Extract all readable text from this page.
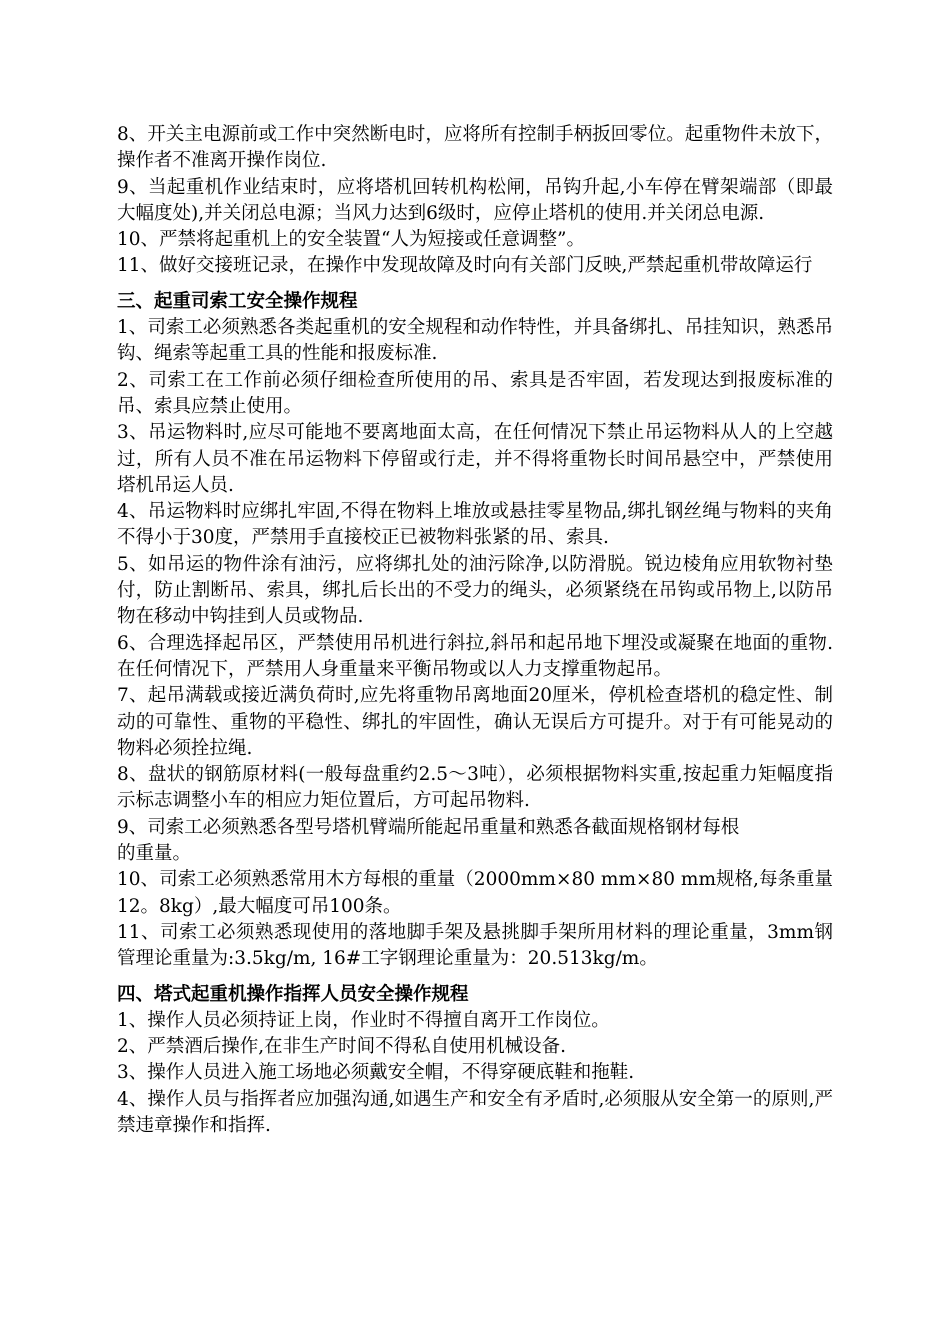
8、开关主电源前或工作中突然断电时，应将所有控制手柄扳回零位。起重物件未放下，操作者不准离开操作岗位.

9、当起重机作业结束时，应将塔机回转机构松闸，吊钩升起,小车停在臂架端部（即最大幅度处),并关闭总电源；当风力达到6级时，应停止塔机的使用.并关闭总电源.

10、严禁将起重机上的安全装置“人为短接或任意调整”。

11、做好交接班记录，在操作中发现故障及时向有关部门反映,严禁起重机带故障运行

三、起重司索工安全操作规程

1、司索工必须熟悉各类起重机的安全规程和动作特性，并具备绑扎、吊挂知识，熟悉吊钩、绳索等起重工具的性能和报废标准.

2、司索工在工作前必须仔细检查所使用的吊、索具是否牢固，若发现达到报废标准的吊、索具应禁止使用。

3、吊运物料时,应尽可能地不要离地面太高，在任何情况下禁止吊运物料从人的上空越过，所有人员不准在吊运物料下停留或行走，并不得将重物长时间吊悬空中，严禁使用塔机吊运人员.

4、吊运物料时应绑扎牢固,不得在物料上堆放或悬挂零星物品,绑扎钢丝绳与物料的夹角不得小于30度，严禁用手直接校正已被物料张紧的吊、索具.

5、如吊运的物件涂有油污，应将绑扎处的油污除净,以防滑脱。锐边棱角应用软物衬垫付，防止割断吊、索具，绑扎后长出的不受力的绳头，必须紧绕在吊钩或吊物上,以防吊物在移动中钩挂到人员或物品.

6、合理选择起吊区，严禁使用吊机进行斜拉,斜吊和起吊地下埋没或凝聚在地面的重物.在任何情况下，严禁用人身重量来平衡吊物或以人力支撑重物起吊。

7、起吊满载或接近满负荷时,应先将重物吊离地面20厘米，停机检查塔机的稳定性、制动的可靠性、重物的平稳性、绑扎的牢固性，确认无误后方可提升。对于有可能晃动的物料必须拴拉绳.

8、盘状的钢筋原材料(一般每盘重约2.5～3吨），必须根据物料实重,按起重力矩幅度指示标志调整小车的相应力矩位置后，方可起吊物料.

9、司索工必须熟悉各型号塔机臂端所能起吊重量和熟悉各截面规格钢材每根

的重量。

10、司索工必须熟悉常用木方每根的重量（2000mm×80 mm×80 mm规格,每条重量12。8kg）,最大幅度可吊100条。

11、司索工必须熟悉现使用的落地脚手架及悬挑脚手架所用材料的理论重量，3mm钢管理论重量为:3.5kg/m, 16#工字钢理论重量为：20.513kg/m。

四、塔式起重机操作指挥人员安全操作规程

1、操作人员必须持证上岗，作业时不得擅自离开工作岗位。

2、严禁酒后操作,在非生产时间不得私自使用机械设备.

3、操作人员进入施工场地必须戴安全帽，不得穿硬底鞋和拖鞋.

4、操作人员与指挥者应加强沟通,如遇生产和安全有矛盾时,必须服从安全第一的原则,严禁违章操作和指挥.
